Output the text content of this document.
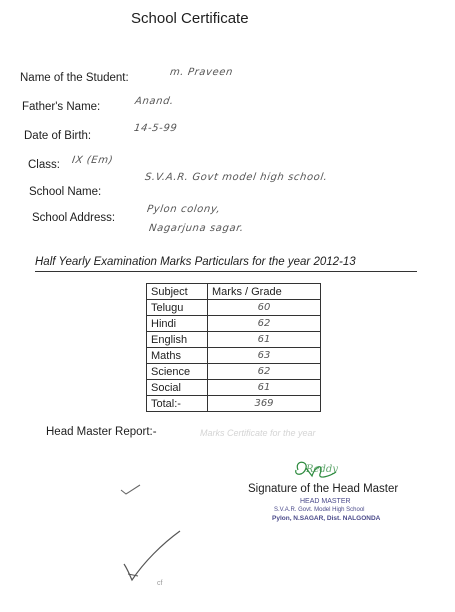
School Certificate
Name of the Student:	m. Praveen
Father's Name:	Anand.
Date of Birth:
14-5-99
Class: IX (Em)
School Name:
S.V.A.R. Govt model high school.
School Address:
Pylon colony,
Nagarjuna sagar.
Half Yearly Examination Marks Particulars for the year 2012-13
Subject	Marks / Grade
Telugu	60
Hindi	62
English	61
Maths	63
Science	62
Social	61
Total:-	369
Head Master Report:-	Marks Certificate for the year
Reddy
Signature of the Head Master
HEAD MASTER
S.V.A.R. Govt. Model High School
Pylon, N.SAGAR, Dist. NALGONDA
cf
